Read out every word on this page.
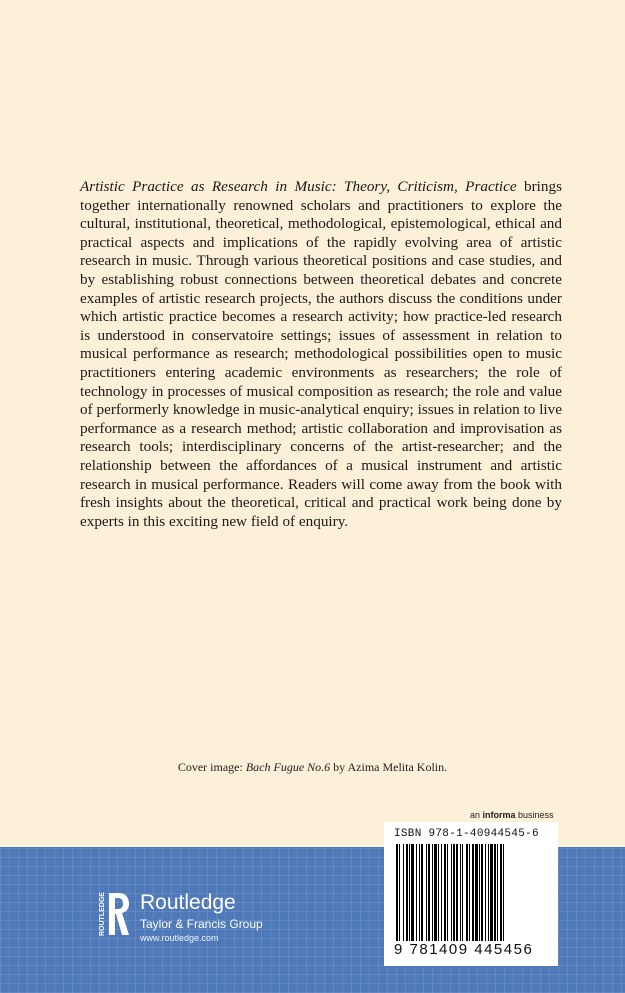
Artistic Practice as Research in Music: Theory, Criticism, Practice brings together internationally renowned scholars and practitioners to explore the cultural, institutional, theoretical, methodological, epistemological, ethical and practical aspects and implications of the rapidly evolving area of artistic research in music. Through various theoretical positions and case studies, and by establishing robust connections between theoretical debates and concrete examples of artistic research projects, the authors discuss the conditions under which artistic practice becomes a research activity; how practice-led research is understood in conservatoire settings; issues of assessment in relation to musical performance as research; methodological possibilities open to music practitioners entering academic environments as researchers; the role of technology in processes of musical composition as research; the role and value of performerly knowledge in music-analytical enquiry; issues in relation to live performance as a research method; artistic collaboration and improvisation as research tools; interdisciplinary concerns of the artist-researcher; and the relationship between the affordances of a musical instrument and artistic research in musical performance. Readers will come away from the book with fresh insights about the theoretical, critical and practical work being done by experts in this exciting new field of enquiry.

Cover image: Bach Fugue No.6 by Azima Melita Kolin.
an informa business
ROUTLEDGE Routledge
Taylor & Francis Group
www.routledge.com
ISBN 978-1-40944545-6
9 781409 445456
